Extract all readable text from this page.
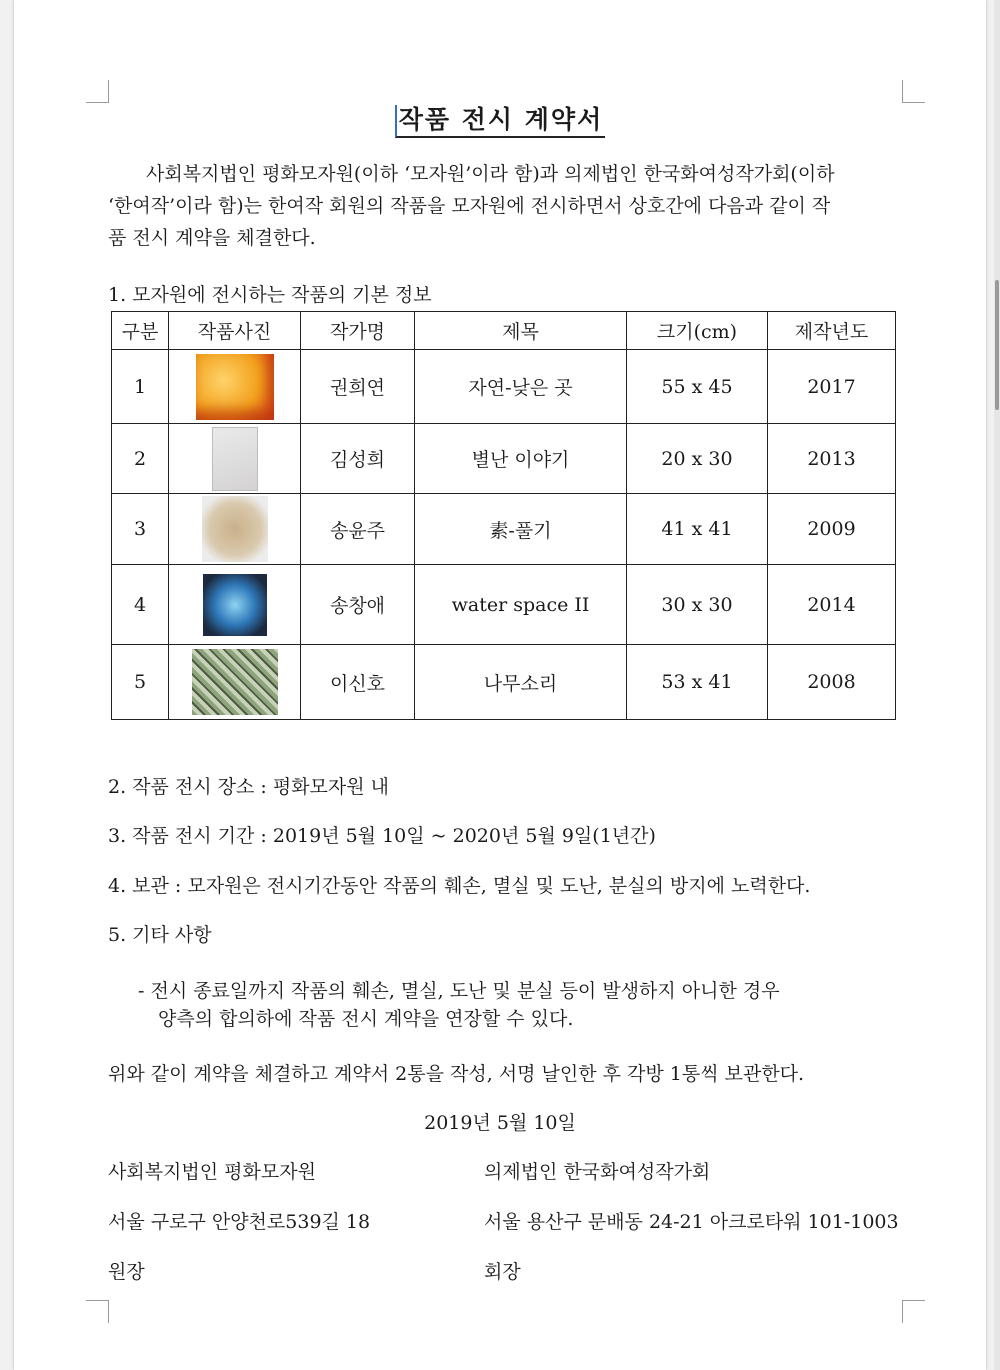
작품 전시 계약서

사회복지법인 평화모자원(이하 ‘모자원’이라 함)과 의제법인 한국화여성작가회(이하

‘한여작’이라 함)는 한여작 회원의 작품을 모자원에 전시하면서 상호간에 다음과 같이 작
품 전시 계약을 체결한다.
1. 모자원에 전시하는 작품의 기본 정보
구분	작품사진	작가명	제목	크기(cm)	제작년도
1		권희연	자연-낮은 곳	55 x 45	2017
2		김성희	별난 이야기	20 x 30	2013
3		송윤주	素-풀기	41 x 41	2009
4		송창애	water space II	30 x 30	2014
5		이신호	나무소리	53 x 41	2008
2. 작품 전시 장소 : 평화모자원 내
3. 작품 전시 기간 : 2019년 5월 10일 ~ 2020년 5월 9일(1년간)
4. 보관 : 모자원은 전시기간동안 작품의 훼손, 멸실 및 도난, 분실의 방지에 노력한다.
5. 기타 사항
- 전시 종료일까지 작품의 훼손, 멸실, 도난 및 분실 등이 발생하지 아니한 경우
양측의 합의하에 작품 전시 계약을 연장할 수 있다.
위와 같이 계약을 체결하고 계약서 2통을 작성, 서명 날인한 후 각방 1통씩 보관한다.
2019년 5월 10일
사회복지법인 평화모자원	의제법인 한국화여성작가회
서울 구로구 안양천로539길 18	서울 용산구 문배동 24-21 아크로타워 101-1003
원장	회장
